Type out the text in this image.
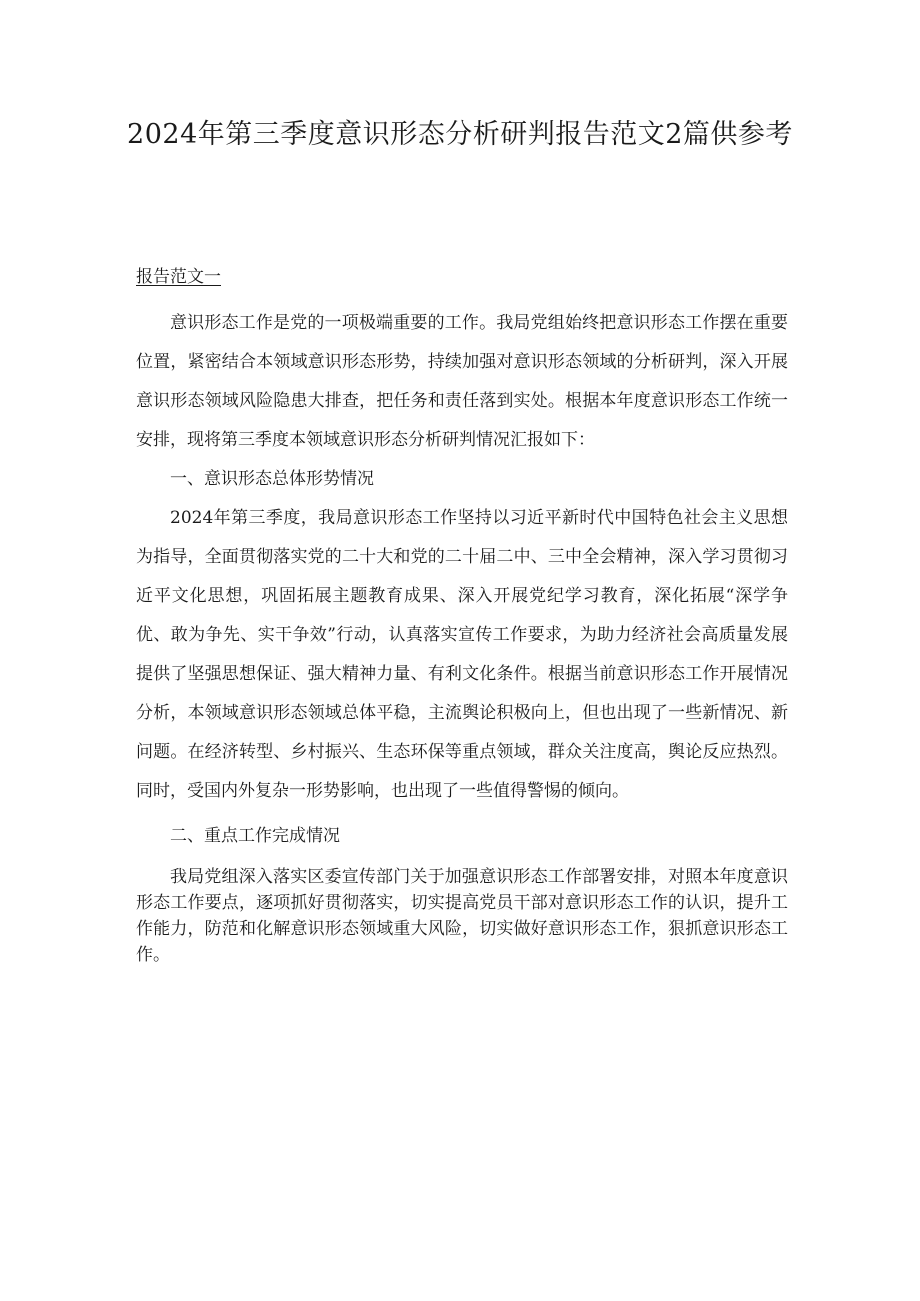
2024年第三季度意识形态分析研判报告范文2篇供参考

报告范文一

意识形态工作是党的一项极端重要的工作。我局党组始终把意识形态工作摆在重要位置，紧密结合本领域意识形态形势，持续加强对意识形态领域的分析研判，深入开展意识形态领域风险隐患大排查，把任务和责任落到实处。根据本年度意识形态工作统一安排，现将第三季度本领域意识形态分析研判情况汇报如下：

一、意识形态总体形势情况

2024年第三季度，我局意识形态工作坚持以习近平新时代中国特色社会主义思想为指导，全面贯彻落实党的二十大和党的二十届二中、三中全会精神，深入学习贯彻习近平文化思想，巩固拓展主题教育成果、深入开展党纪学习教育，深化拓展“深学争优、敢为争先、实干争效”行动，认真落实宣传工作要求，为助力经济社会高质量发展提供了坚强思想保证、强大精神力量、有利文化条件。根据当前意识形态工作开展情况分析，本领域意识形态领域总体平稳，主流舆论积极向上，但也出现了一些新情况、新问题。在经济转型、乡村振兴、生态环保等重点领域，群众关注度高，舆论反应热烈。同时，受国内外复杂一形势影响，也出现了一些值得警惕的倾向。

二、重点工作完成情况

我局党组深入落实区委宣传部门关于加强意识形态工作部署安排，对照本年度意识形态工作要点，逐项抓好贯彻落实，切实提高党员干部对意识形态工作的认识，提升工作能力，防范和化解意识形态领域重大风险，切实做好意识形态工作，狠抓意识形态工作。
